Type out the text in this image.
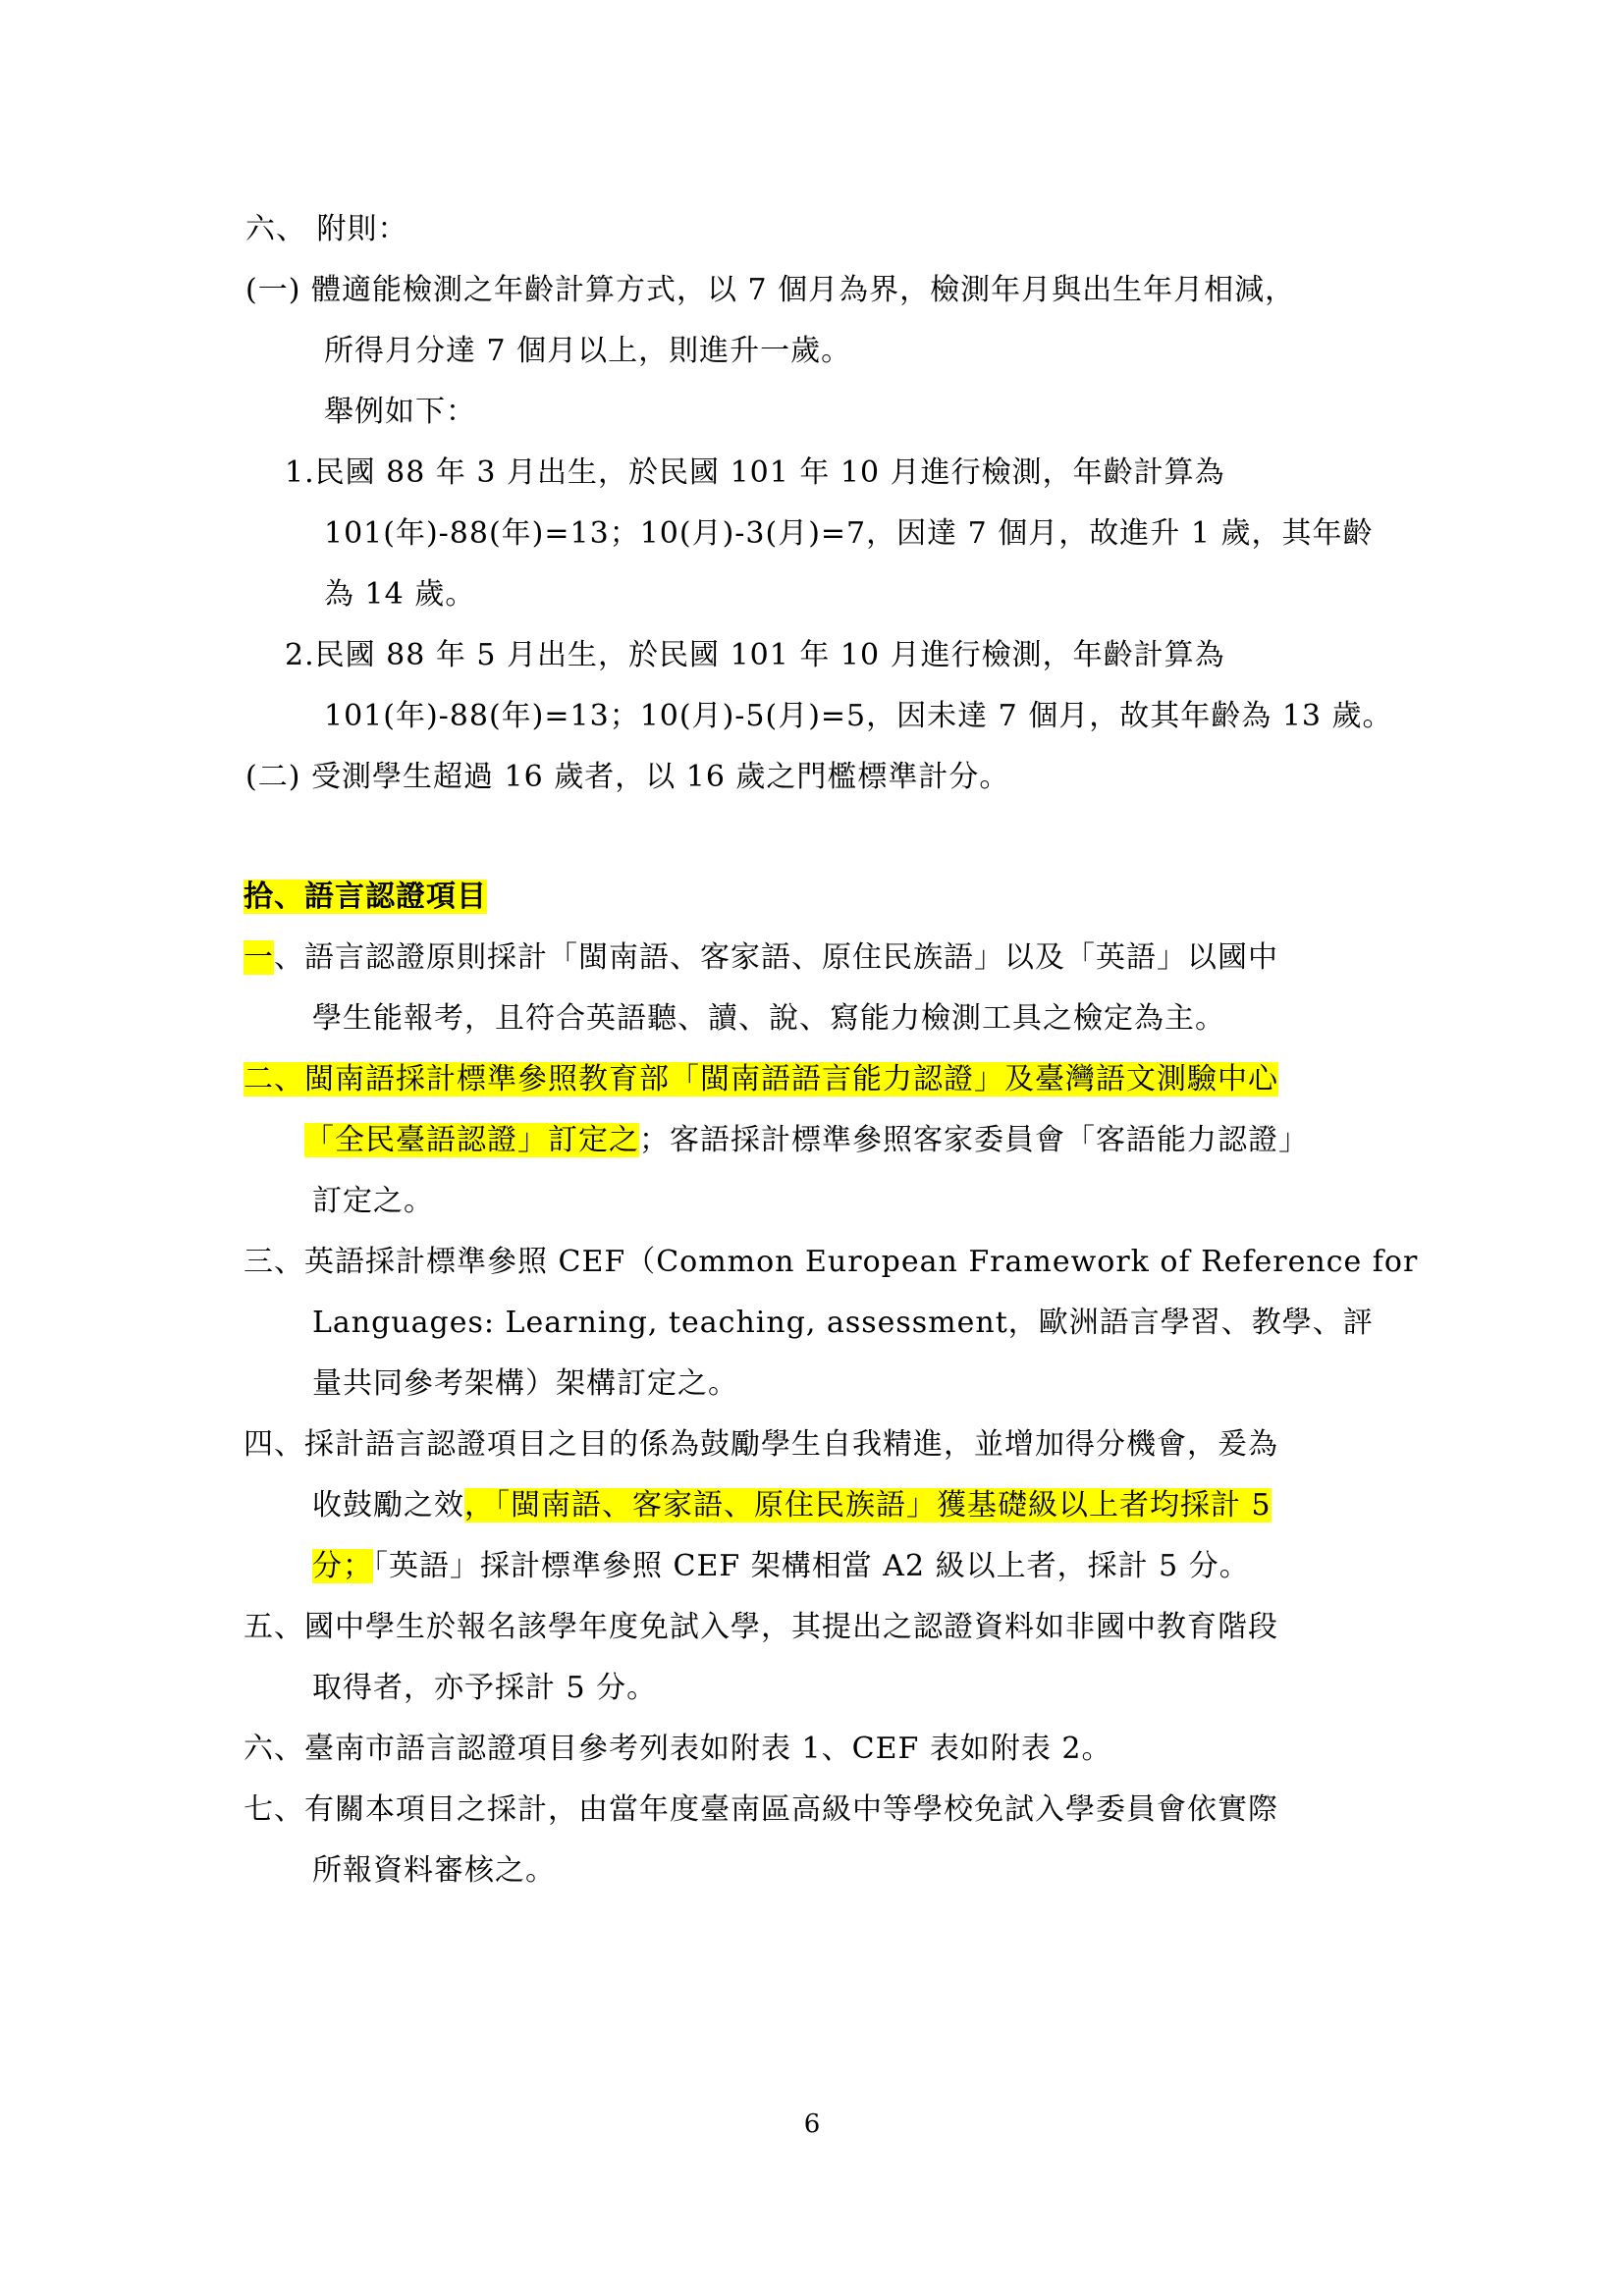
六、 附則：
(一) 體適能檢測之年齡計算方式，以 7 個月為界，檢測年月與出生年月相減，
所得月分達 7 個月以上，則進升一歲。
舉例如下：
1.民國 88 年 3 月出生，於民國 101 年 10 月進行檢測，年齡計算為
101(年)-88(年)=13；10(月)-3(月)=7，因達 7 個月，故進升 1 歲，其年齡
為 14 歲。
2.民國 88 年 5 月出生，於民國 101 年 10 月進行檢測，年齡計算為
101(年)-88(年)=13；10(月)-5(月)=5，因未達 7 個月，故其年齡為 13 歲。
(二) 受測學生超過 16 歲者，以 16 歲之門檻標準計分。
拾、語言認證項目
一、語言認證原則採計「閩南語、客家語、原住民族語」以及「英語」以國中
學生能報考，且符合英語聽、讀、說、寫能力檢測工具之檢定為主。
二、閩南語採計標準參照教育部「閩南語語言能力認證」及臺灣語文測驗中心
「全民臺語認證」訂定之；客語採計標準參照客家委員會「客語能力認證」
訂定之。
三、英語採計標準參照 CEF（Common European Framework of Reference for
Languages: Learning, teaching, assessment，歐洲語言學習、教學、評
量共同參考架構）架構訂定之。
四、採計語言認證項目之目的係為鼓勵學生自我精進，並增加得分機會，爰為
收鼓勵之效，「閩南語、客家語、原住民族語」獲基礎級以上者均採計 5
分；「英語」採計標準參照 CEF 架構相當 A2 級以上者，採計 5 分。
五、國中學生於報名該學年度免試入學，其提出之認證資料如非國中教育階段
取得者，亦予採計 5 分。
六、臺南市語言認證項目參考列表如附表 1、CEF 表如附表 2。
七、有關本項目之採計，由當年度臺南區高級中等學校免試入學委員會依實際
所報資料審核之。
6
